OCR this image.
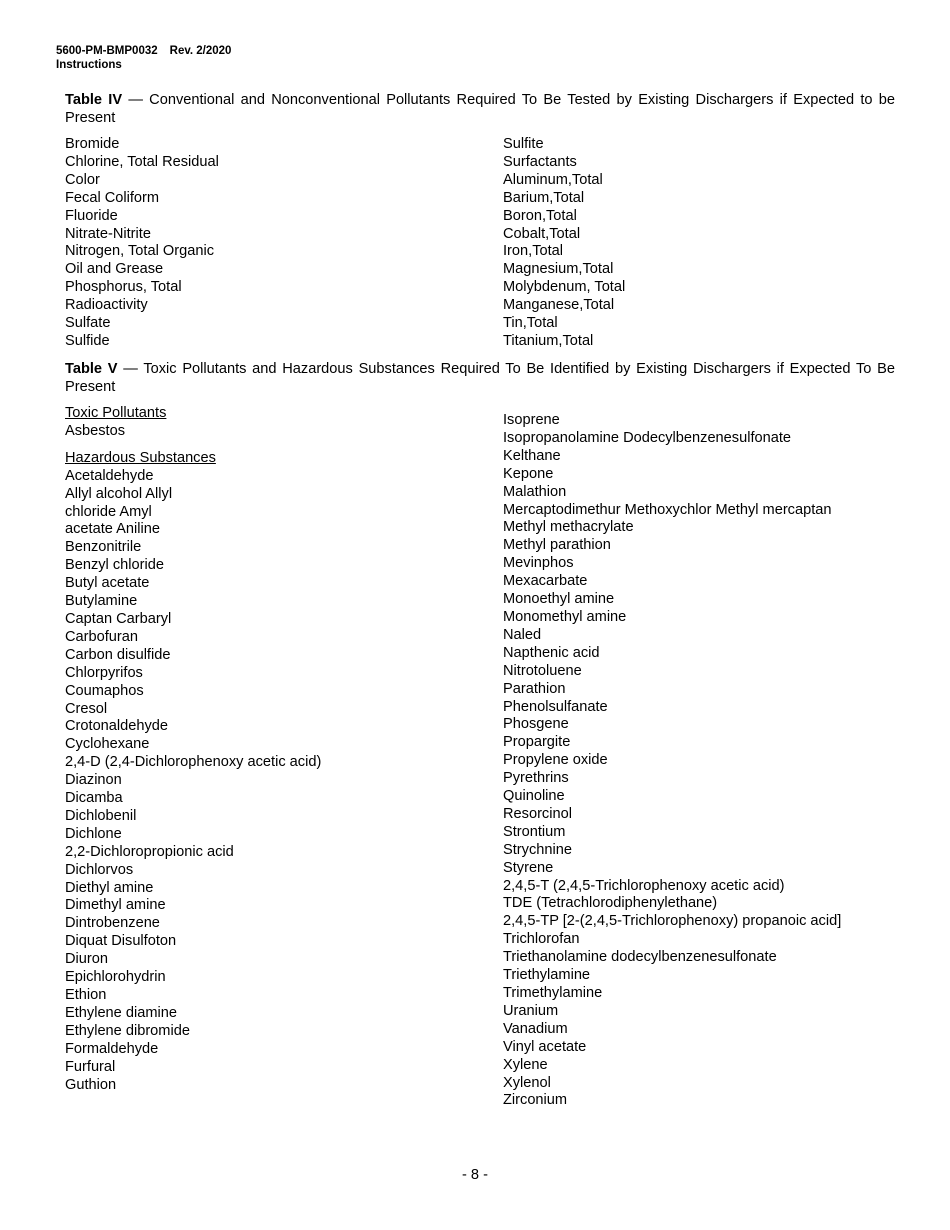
5600-PM-BMP0032 Rev. 2/2020
Instructions
Table IV — Conventional and Nonconventional Pollutants Required To Be Tested by Existing Dischargers if Expected to be Present
Bromide
Chlorine, Total Residual
Color
Fecal Coliform
Fluoride
Nitrate-Nitrite
Nitrogen, Total Organic
Oil and Grease
Phosphorus, Total
Radioactivity
Sulfate
Sulfide
Sulfite
Surfactants
Aluminum,Total
Barium,Total
Boron,Total
Cobalt,Total
Iron,Total
Magnesium,Total
Molybdenum, Total
Manganese,Total
Tin,Total
Titanium,Total
Table V — Toxic Pollutants and Hazardous Substances Required To Be Identified by Existing Dischargers if Expected To Be Present
Toxic Pollutants
Asbestos
Hazardous Substances
Acetaldehyde
Allyl alcohol Allyl
chloride Amyl
acetate Aniline
Benzonitrile
Benzyl chloride
Butyl acetate
Butylamine
Captan Carbaryl
Carbofuran
Carbon disulfide
Chlorpyrifos
Coumaphos
Cresol
Crotonaldehyde
Cyclohexane
2,4-D (2,4-Dichlorophenoxy acetic acid)
Diazinon
Dicamba
Dichlobenil
Dichlone
2,2-Dichloropropionic acid
Dichlorvos
Diethyl amine
Dimethyl amine
Dintrobenzene
Diquat Disulfoton
Diuron
Epichlorohydrin
Ethion
Ethylene diamine
Ethylene dibromide
Formaldehyde
Furfural
Guthion
Isoprene
Isopropanolamine Dodecylbenzenesulfonate
Kelthane
Kepone
Malathion
Mercaptodimethur Methoxychlor Methyl mercaptan
Methyl methacrylate
Methyl parathion
Mevinphos
Mexacarbate
Monoethyl amine
Monomethyl amine
Naled
Napthenic acid
Nitrotoluene
Parathion
Phenolsulfanate
Phosgene
Propargite
Propylene oxide
Pyrethrins
Quinoline
Resorcinol
Strontium
Strychnine
Styrene
2,4,5-T (2,4,5-Trichlorophenoxy acetic acid)
TDE (Tetrachlorodiphenylethane)
2,4,5-TP [2-(2,4,5-Trichlorophenoxy) propanoic acid]
Trichlorofan
Triethanolamine dodecylbenzenesulfonate
Triethylamine
Trimethylamine
Uranium
Vanadium
Vinyl acetate
Xylene
Xylenol
Zirconium
- 8 -
